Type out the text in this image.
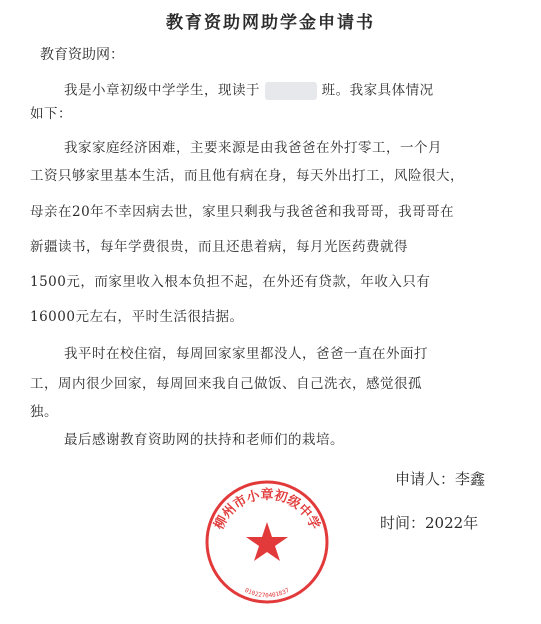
教育资助网助学金申请书
教育资助网：
我是小章初级中学学生，现读于	班。我家具体情况
如下：
我家家庭经济困难，主要来源是由我爸爸在外打零工，一个月
工资只够家里基本生活，而且他有病在身，每天外出打工，风险很大，
母亲在20年不幸因病去世，家里只剩我与我爸爸和我哥哥，我哥哥在
新疆读书，每年学费很贵，而且还患着病，每月光医药费就得
1500元，而家里收入根本负担不起，在外还有贷款，年收入只有
16000元左右，平时生活很拮据。
我平时在校住宿，每周回家家里都没人，爸爸一直在外面打
工，周内很少回家，每周回来我自己做饭、自己洗衣，感觉很孤
独。
最后感谢教育资助网的扶持和老师们的栽培。
申请人：李鑫
时间：2022年
柳州市小章初级中学
0102270401837
